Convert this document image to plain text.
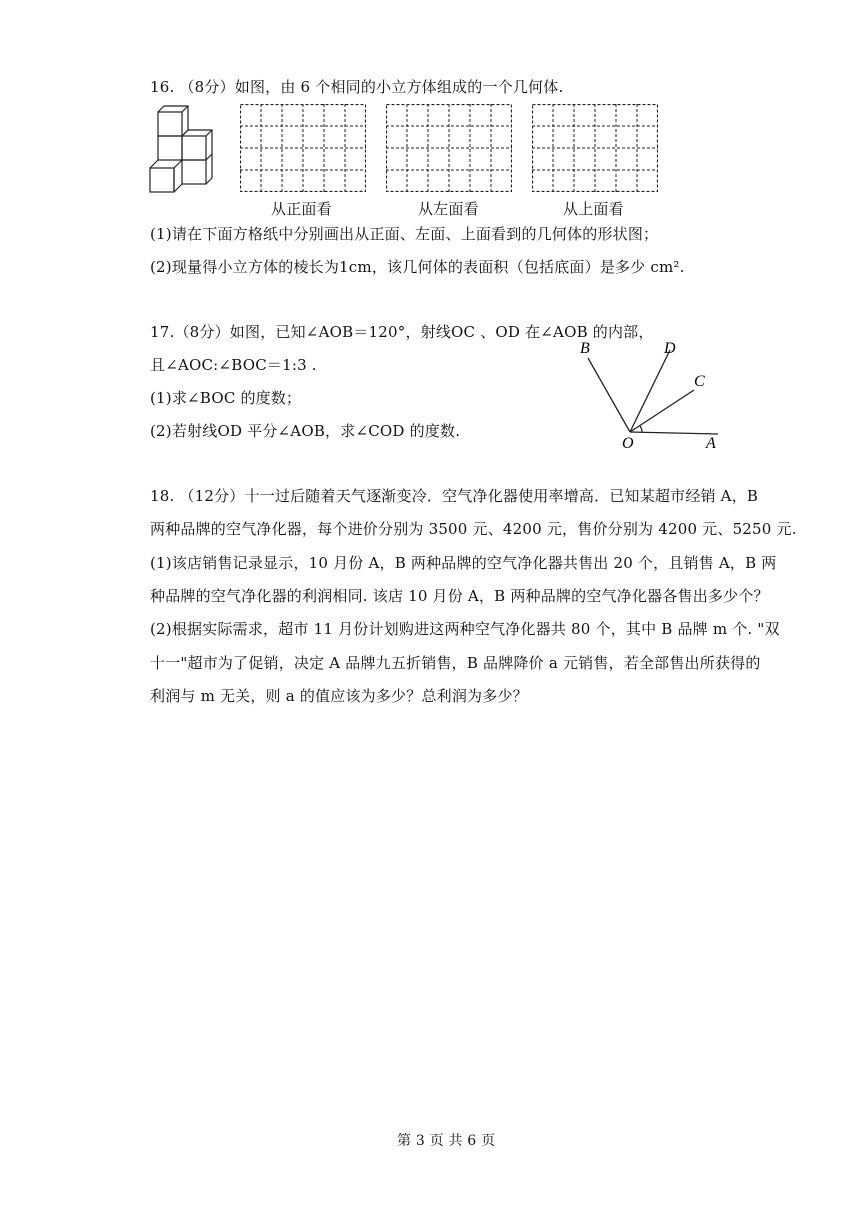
16. （8分）如图，由 6 个相同的小立方体组成的一个几何体.
从正面看	从左面看	从上面看
(1)请在下面方格纸中分别画出从正面、左面、上面看到的几何体的形状图；
(2)现量得小立方体的棱长为1cm，该几何体的表面积（包括底面）是多少 cm².
17.（8分）如图，已知∠AOB＝120°，射线OC 、OD 在∠AOB 的内部，
且∠AOC:∠BOC＝1:3 .
(1)求∠BOC 的度数；
(2)若射线OD 平分∠AOB，求∠COD 的度数.
B	D
C
O	A
18. （12分）十一过后随着天气逐渐变冷．空气净化器使用率增高．已知某超市经销 A，B
两种品牌的空气净化器，每个进价分别为 3500 元、4200 元，售价分别为 4200 元、5250 元.
(1)该店销售记录显示，10 月份 A，B 两种品牌的空气净化器共售出 20 个，且销售 A，B 两
种品牌的空气净化器的利润相同. 该店 10 月份 A，B 两种品牌的空气净化器各售出多少个？
(2)根据实际需求，超市 11 月份计划购进这两种空气净化器共 80 个，其中 B 品牌 m 个. "双
十一"超市为了促销，决定 A 品牌九五折销售，B 品牌降价 a 元销售，若全部售出所获得的
利润与 m 无关，则 a 的值应该为多少？总利润为多少？
第 3 页 共 6 页
